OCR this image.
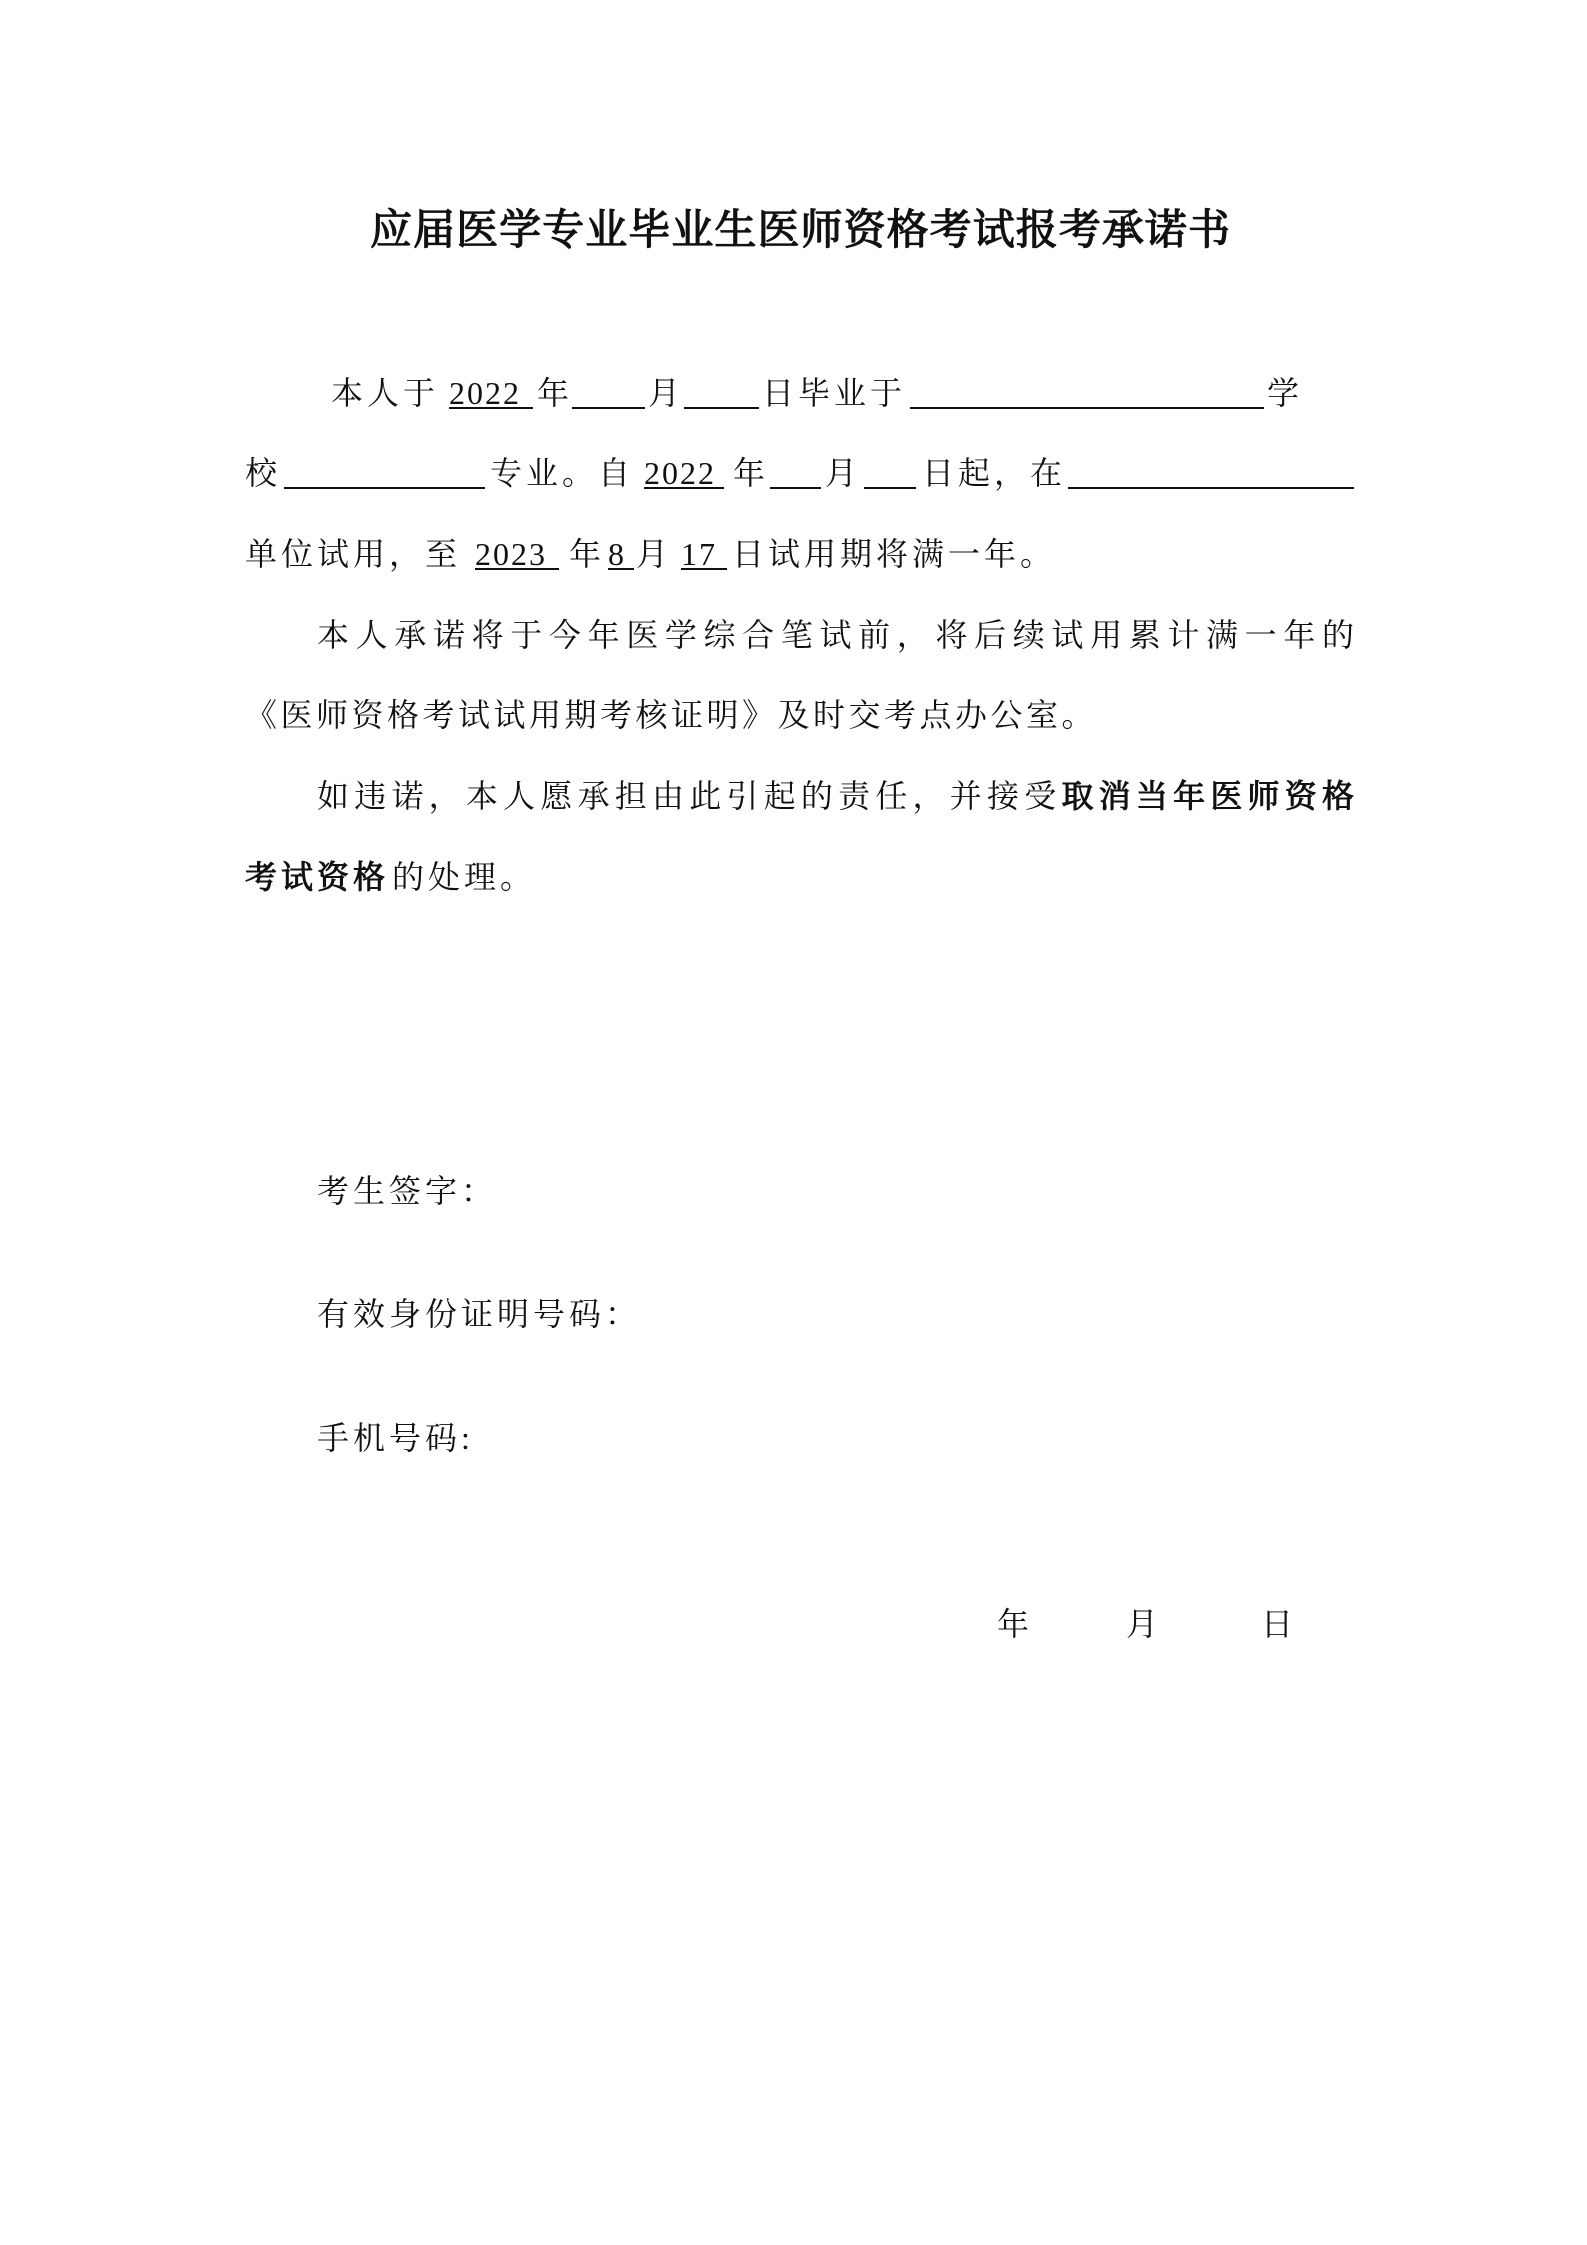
应届医学专业毕业生医师资格考试报考承诺书
本人于 2022 年 月 日毕业于	学
校	专业。自 2022 年 月 日起，在
单位试用，至 2023 年 8 月 17 日试用期将满一年。
本人承诺将于今年医学综合笔试前，将后续试用累计满一年的
《医师资格考试试用期考核证明》及时交考点办公室。
如违诺，本人愿承担由此引起的责任，并接受取消当年医师资格
考试资格 的处理。
考生签字：
有效身份证明号码：
手机号码:
年	月	日
